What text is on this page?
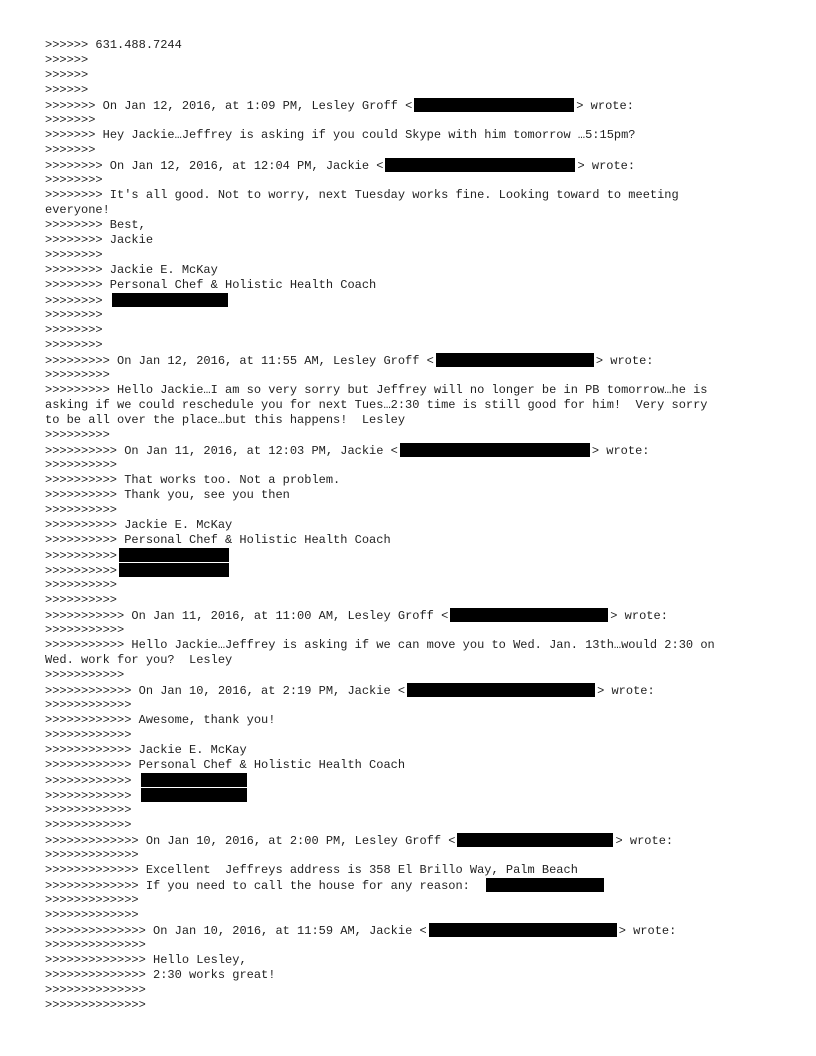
>>>>>> 631.488.7244
>>>>>>
>>>>>>
>>>>>>
>>>>>>> On Jan 12, 2016, at 1:09 PM, Lesley Groff <	> wrote:
>>>>>>>
>>>>>>> Hey Jackie…Jeffrey is asking if you could Skype with him tomorrow …5:15pm?
>>>>>>>
>>>>>>>> On Jan 12, 2016, at 12:04 PM, Jackie <	> wrote:
>>>>>>>>
>>>>>>>> It's all good. Not to worry, next Tuesday works fine. Looking toward to meeting
everyone!
>>>>>>>> Best,
>>>>>>>> Jackie
>>>>>>>>
>>>>>>>> Jackie E. McKay
>>>>>>>> Personal Chef & Holistic Health Coach
>>>>>>>>
>>>>>>>>
>>>>>>>>
>>>>>>>>
>>>>>>>>> On Jan 12, 2016, at 11:55 AM, Lesley Groff <	> wrote:
>>>>>>>>>
>>>>>>>>> Hello Jackie…I am so very sorry but Jeffrey will no longer be in PB tomorrow…he is
asking if we could reschedule you for next Tues…2:30 time is still good for him!  Very sorry
to be all over the place…but this happens!  Lesley
>>>>>>>>>
>>>>>>>>>> On Jan 11, 2016, at 12:03 PM, Jackie <	> wrote:
>>>>>>>>>>
>>>>>>>>>> That works too. Not a problem.
>>>>>>>>>> Thank you, see you then
>>>>>>>>>>
>>>>>>>>>> Jackie E. McKay
>>>>>>>>>> Personal Chef & Holistic Health Coach
>>>>>>>>>>
>>>>>>>>>>
>>>>>>>>>>
>>>>>>>>>>
>>>>>>>>>>> On Jan 11, 2016, at 11:00 AM, Lesley Groff <	> wrote:
>>>>>>>>>>>
>>>>>>>>>>> Hello Jackie…Jeffrey is asking if we can move you to Wed. Jan. 13th…would 2:30 on
Wed. work for you?  Lesley
>>>>>>>>>>>
>>>>>>>>>>>> On Jan 10, 2016, at 2:19 PM, Jackie <	> wrote:
>>>>>>>>>>>>
>>>>>>>>>>>> Awesome, thank you!
>>>>>>>>>>>>
>>>>>>>>>>>> Jackie E. McKay
>>>>>>>>>>>> Personal Chef & Holistic Health Coach
>>>>>>>>>>>>
>>>>>>>>>>>>
>>>>>>>>>>>>
>>>>>>>>>>>>
>>>>>>>>>>>>> On Jan 10, 2016, at 2:00 PM, Lesley Groff <	> wrote:
>>>>>>>>>>>>>
>>>>>>>>>>>>> Excellent  Jeffreys address is 358 El Brillo Way, Palm Beach
>>>>>>>>>>>>> If you need to call the house for any reason:
>>>>>>>>>>>>>
>>>>>>>>>>>>>
>>>>>>>>>>>>>> On Jan 10, 2016, at 11:59 AM, Jackie <	> wrote:
>>>>>>>>>>>>>>
>>>>>>>>>>>>>> Hello Lesley,
>>>>>>>>>>>>>> 2:30 works great!
>>>>>>>>>>>>>>
>>>>>>>>>>>>>>
